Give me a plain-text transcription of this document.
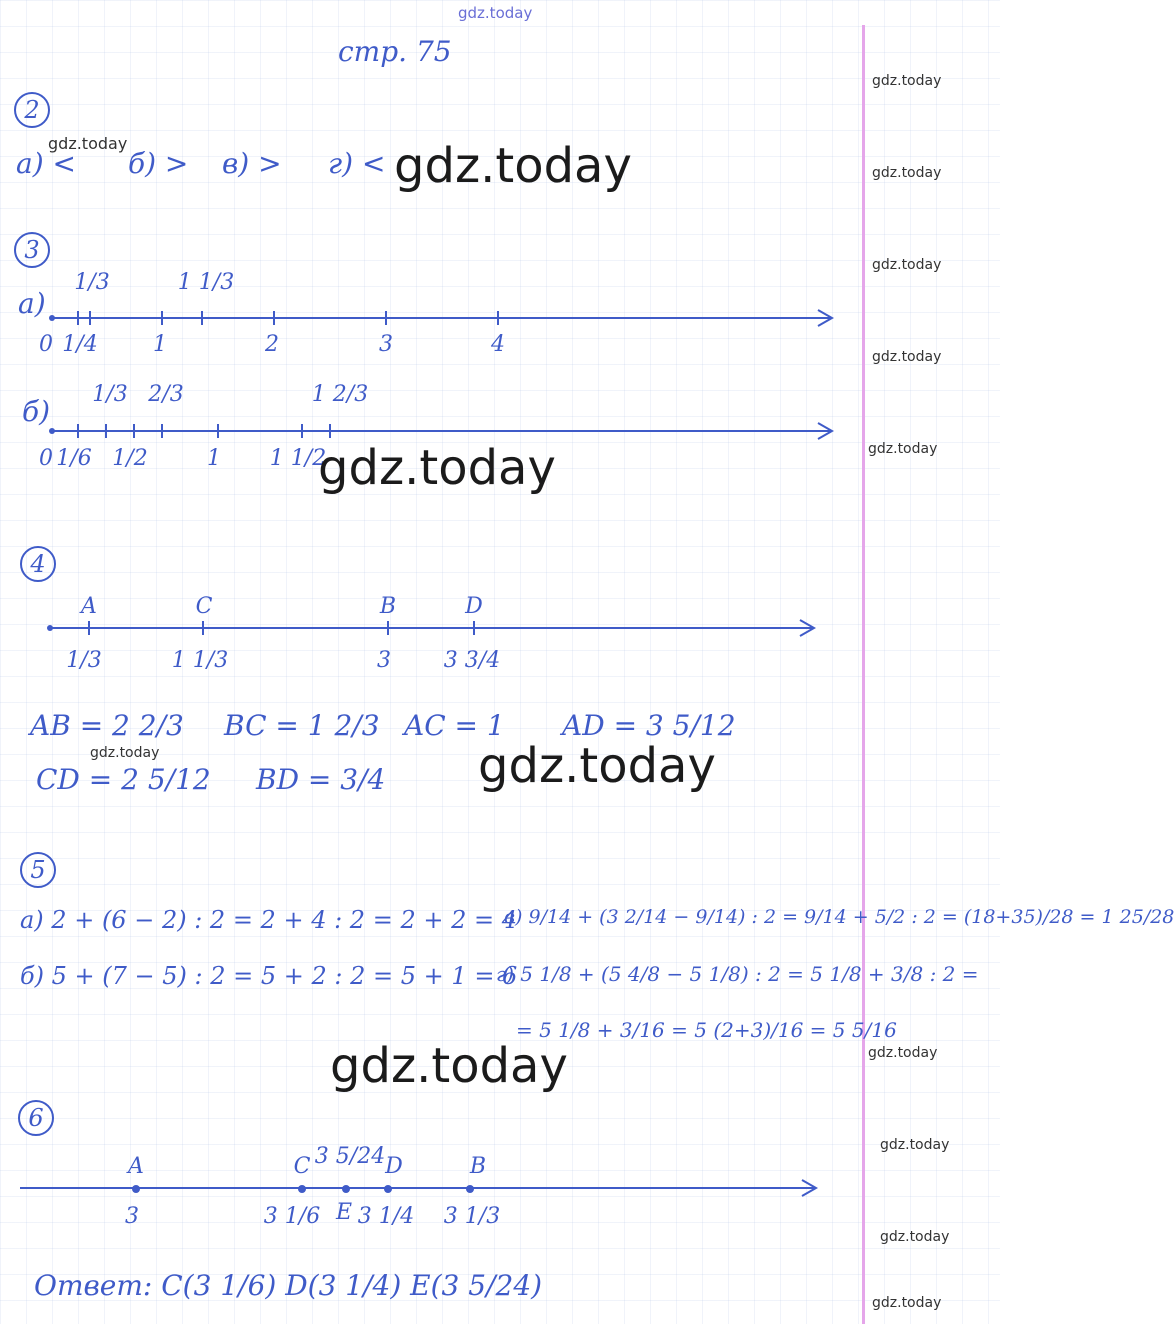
gdz.today
стр. 75
2
а) < б) > в) > г) <
3
а)
1/3	1 1/3
0 1/4	1	2	3	4
б)
1/3 2/3	1 2/3
0 1/6 1/2	1 1 1/2
4
A	C	B	D
1/3	1 1/3	3 3 3/4
AB = 2 2/3 BC = 1 2/3 AC = 1 AD = 3 5/12
CD = 2 5/12 BD = 3/4
5
а) 2 + (6 − 2) : 2 = 2 + 4 : 2 = 2 + 2 = 4
б) 5 + (7 − 5) : 2 = 5 + 2 : 2 = 5 + 1 = 6
в) 9/14 + (3 2/14 − 9/14) : 2 = 9/14 + 5/2 : 2 = (18+35)/28 = 1 25/28
г) 5 1/8 + (5 4/8 − 5 1/8) : 2 = 5 1/8 + 3/8 : 2 =
= 5 1/8 + 3/16 = 5 (2+3)/16 = 5 5/16
6
A	C 3 5/24 D	B
3	3 1/6 E 3 1/4 3 1/3
Ответ: C(3 1/6) D(3 1/4) E(3 5/24)
gdz.today
gdz.today
gdz.today
gdz.today
gdz.today
gdz.today
gdz.today
gdz.today
gdz.today
gdz.today
gdz.today
gdz.today
gdz.today
gdz.today
gdz.today
